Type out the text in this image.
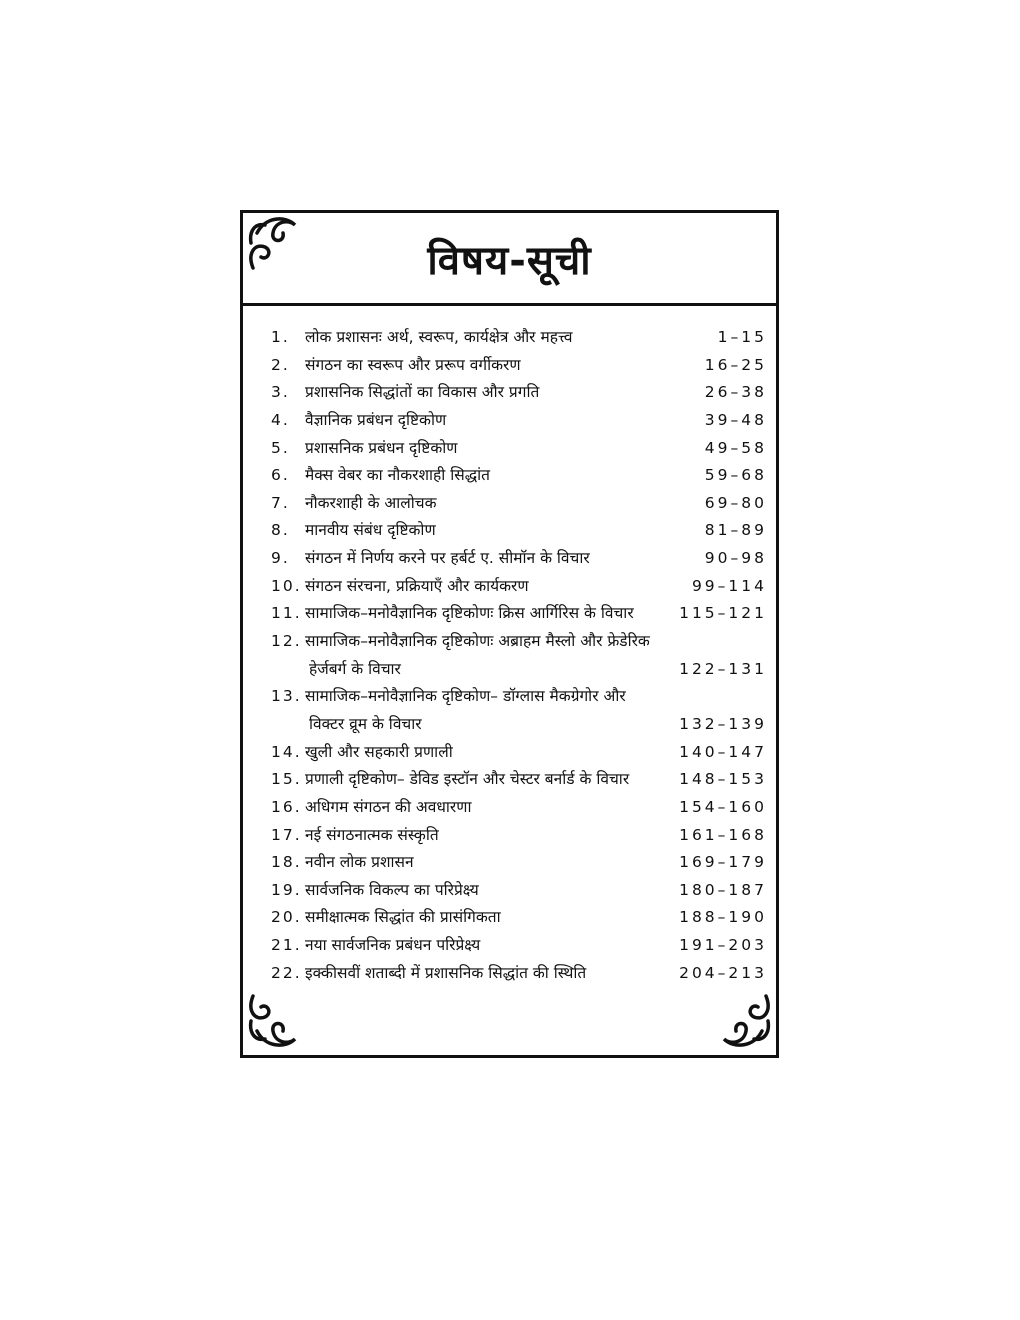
विषय-सूची
1. लोक प्रशासनः अर्थ, स्वरूप, कार्यक्षेत्र और महत्त्व	1–15
2. संगठन का स्वरूप और प्ररूप वर्गीकरण	16–25
3. प्रशासनिक सिद्धांतों का विकास और प्रगति	26–38
4. वैज्ञानिक प्रबंधन दृष्टिकोण	39–48
5. प्रशासनिक प्रबंधन दृष्टिकोण	49–58
6. मैक्स वेबर का नौकरशाही सिद्धांत	59–68
7. नौकरशाही के आलोचक	69–80
8. मानवीय संबंध दृष्टिकोण	81–89
9. संगठन में निर्णय करने पर हर्बर्ट ए. सीमॉन के विचार	90–98
10. संगठन संरचना, प्रक्रियाएँ और कार्यकरण	99–114
11. सामाजिक–मनोवैज्ञानिक दृष्टिकोणः क्रिस आर्गिरिस के विचार	115–121
12. सामाजिक–मनोवैज्ञानिक दृष्टिकोणः अब्राहम मैस्लो और फ्रेडेरिक
हेर्जबर्ग के विचार	122–131
13. सामाजिक–मनोवैज्ञानिक दृष्टिकोण– डॉग्लास मैकग्रेगोर और
विक्टर व्रूम के विचार	132–139
14. खुली और सहकारी प्रणाली	140–147
15. प्रणाली दृष्टिकोण– डेविड इस्टॉन और चेस्टर बर्नार्ड के विचार	148–153
16. अधिगम संगठन की अवधारणा	154–160
17. नई संगठनात्मक संस्कृति	161–168
18. नवीन लोक प्रशासन	169–179
19. सार्वजनिक विकल्प का परिप्रेक्ष्य	180–187
20. समीक्षात्मक सिद्धांत की प्रासंगिकता	188–190
21. नया सार्वजनिक प्रबंधन परिप्रेक्ष्य	191–203
22. इक्कीसवीं शताब्दी में प्रशासनिक सिद्धांत की स्थिति	204–213
